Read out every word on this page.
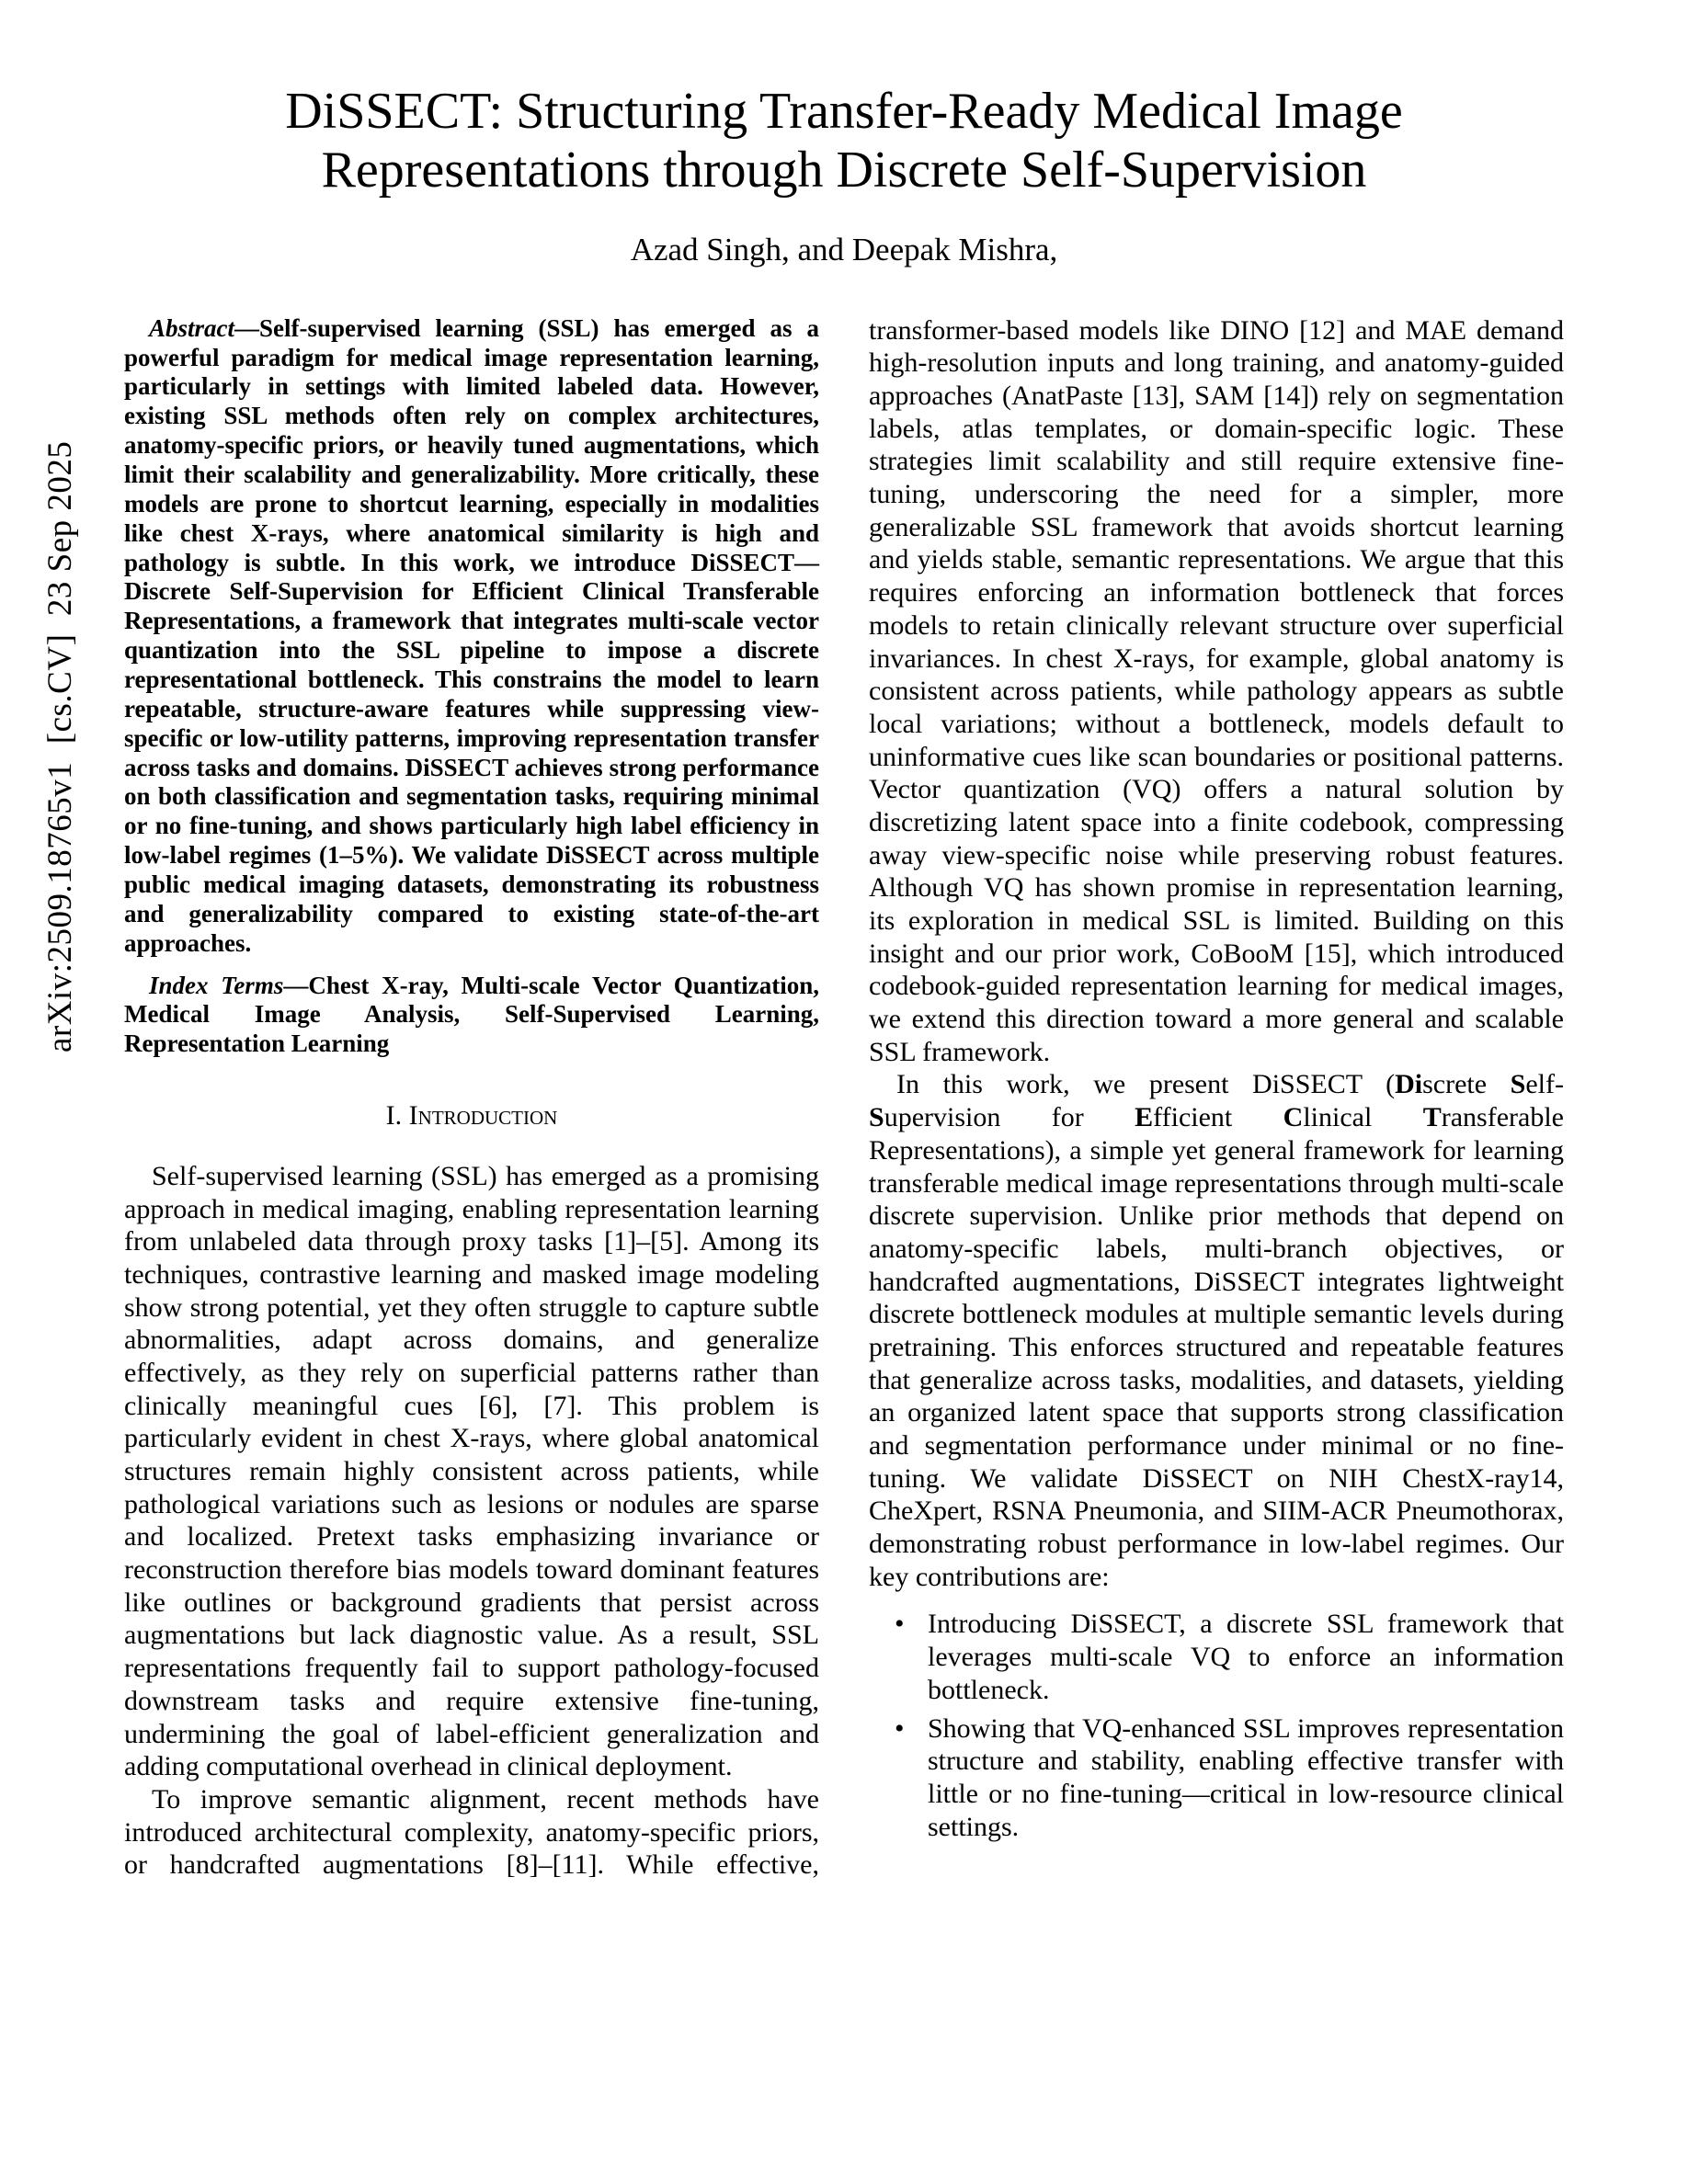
arXiv:2509.18765v1  [cs.CV]  23 Sep 2025
DiSSECT: Structuring Transfer-Ready Medical Image Representations through Discrete Self-Supervision
Azad Singh, and Deepak Mishra,

Abstract—Self-supervised learning (SSL) has emerged as a powerful paradigm for medical image representation learning, particularly in settings with limited labeled data. However, existing SSL methods often rely on complex architectures, anatomy-specific priors, or heavily tuned augmentations, which limit their scalability and generalizability. More critically, these models are prone to shortcut learning, especially in modalities like chest X-rays, where anatomical similarity is high and pathology is subtle. In this work, we introduce DiSSECT—Discrete Self-Supervision for Efficient Clinical Transferable Representations, a framework that integrates multi-scale vector quantization into the SSL pipeline to impose a discrete representational bottleneck. This constrains the model to learn repeatable, structure-aware features while suppressing view-specific or low-utility patterns, improving representation transfer across tasks and domains. DiSSECT achieves strong performance on both classification and segmentation tasks, requiring minimal or no fine-tuning, and shows particularly high label efficiency in low-label regimes (1–5%). We validate DiSSECT across multiple public medical imaging datasets, demonstrating its robustness and generalizability compared to existing state-of-the-art approaches.

Index Terms—Chest X-ray, Multi-scale Vector Quantization, Medical Image Analysis, Self-Supervised Learning, Representation Learning

I. Introduction

Self-supervised learning (SSL) has emerged as a promising approach in medical imaging, enabling representation learning from unlabeled data through proxy tasks [1]–[5]. Among its techniques, contrastive learning and masked image modeling show strong potential, yet they often struggle to capture subtle abnormalities, adapt across domains, and generalize effectively, as they rely on superficial patterns rather than clinically meaningful cues [6], [7]. This problem is particularly evident in chest X-rays, where global anatomical structures remain highly consistent across patients, while pathological variations such as lesions or nodules are sparse and localized. Pretext tasks emphasizing invariance or reconstruction therefore bias models toward dominant features like outlines or background gradients that persist across augmentations but lack diagnostic value. As a result, SSL representations frequently fail to support pathology-focused downstream tasks and require extensive fine-tuning, undermining the goal of label-efficient generalization and adding computational overhead in clinical deployment.

To improve semantic alignment, recent methods have introduced architectural complexity, anatomy-specific priors, or handcrafted augmentations [8]–[11]. While effective,

transformer-based models like DINO [12] and MAE demand high-resolution inputs and long training, and anatomy-guided approaches (AnatPaste [13], SAM [14]) rely on segmentation labels, atlas templates, or domain-specific logic. These strategies limit scalability and still require extensive fine-tuning, underscoring the need for a simpler, more generalizable SSL framework that avoids shortcut learning and yields stable, semantic representations. We argue that this requires enforcing an information bottleneck that forces models to retain clinically relevant structure over superficial invariances. In chest X-rays, for example, global anatomy is consistent across patients, while pathology appears as subtle local variations; without a bottleneck, models default to uninformative cues like scan boundaries or positional patterns. Vector quantization (VQ) offers a natural solution by discretizing latent space into a finite codebook, compressing away view-specific noise while preserving robust features. Although VQ has shown promise in representation learning, its exploration in medical SSL is limited. Building on this insight and our prior work, CoBooM [15], which introduced codebook-guided representation learning for medical images, we extend this direction toward a more general and scalable SSL framework.

In this work, we present DiSSECT (Discrete Self-Supervision for Efficient Clinical Transferable Representations), a simple yet general framework for learning transferable medical image representations through multi-scale discrete supervision. Unlike prior methods that depend on anatomy-specific labels, multi-branch objectives, or handcrafted augmentations, DiSSECT integrates lightweight discrete bottleneck modules at multiple semantic levels during pretraining. This enforces structured and repeatable features that generalize across tasks, modalities, and datasets, yielding an organized latent space that supports strong classification and segmentation performance under minimal or no fine-tuning. We validate DiSSECT on NIH ChestX-ray14, CheXpert, RSNA Pneumonia, and SIIM-ACR Pneumothorax, demonstrating robust performance in low-label regimes. Our key contributions are:

• Introducing DiSSECT, a discrete SSL framework that leverages multi-scale VQ to enforce an information bottleneck.
• Showing that VQ-enhanced SSL improves representation structure and stability, enabling effective transfer with little or no fine-tuning—critical in low-resource clinical settings.
